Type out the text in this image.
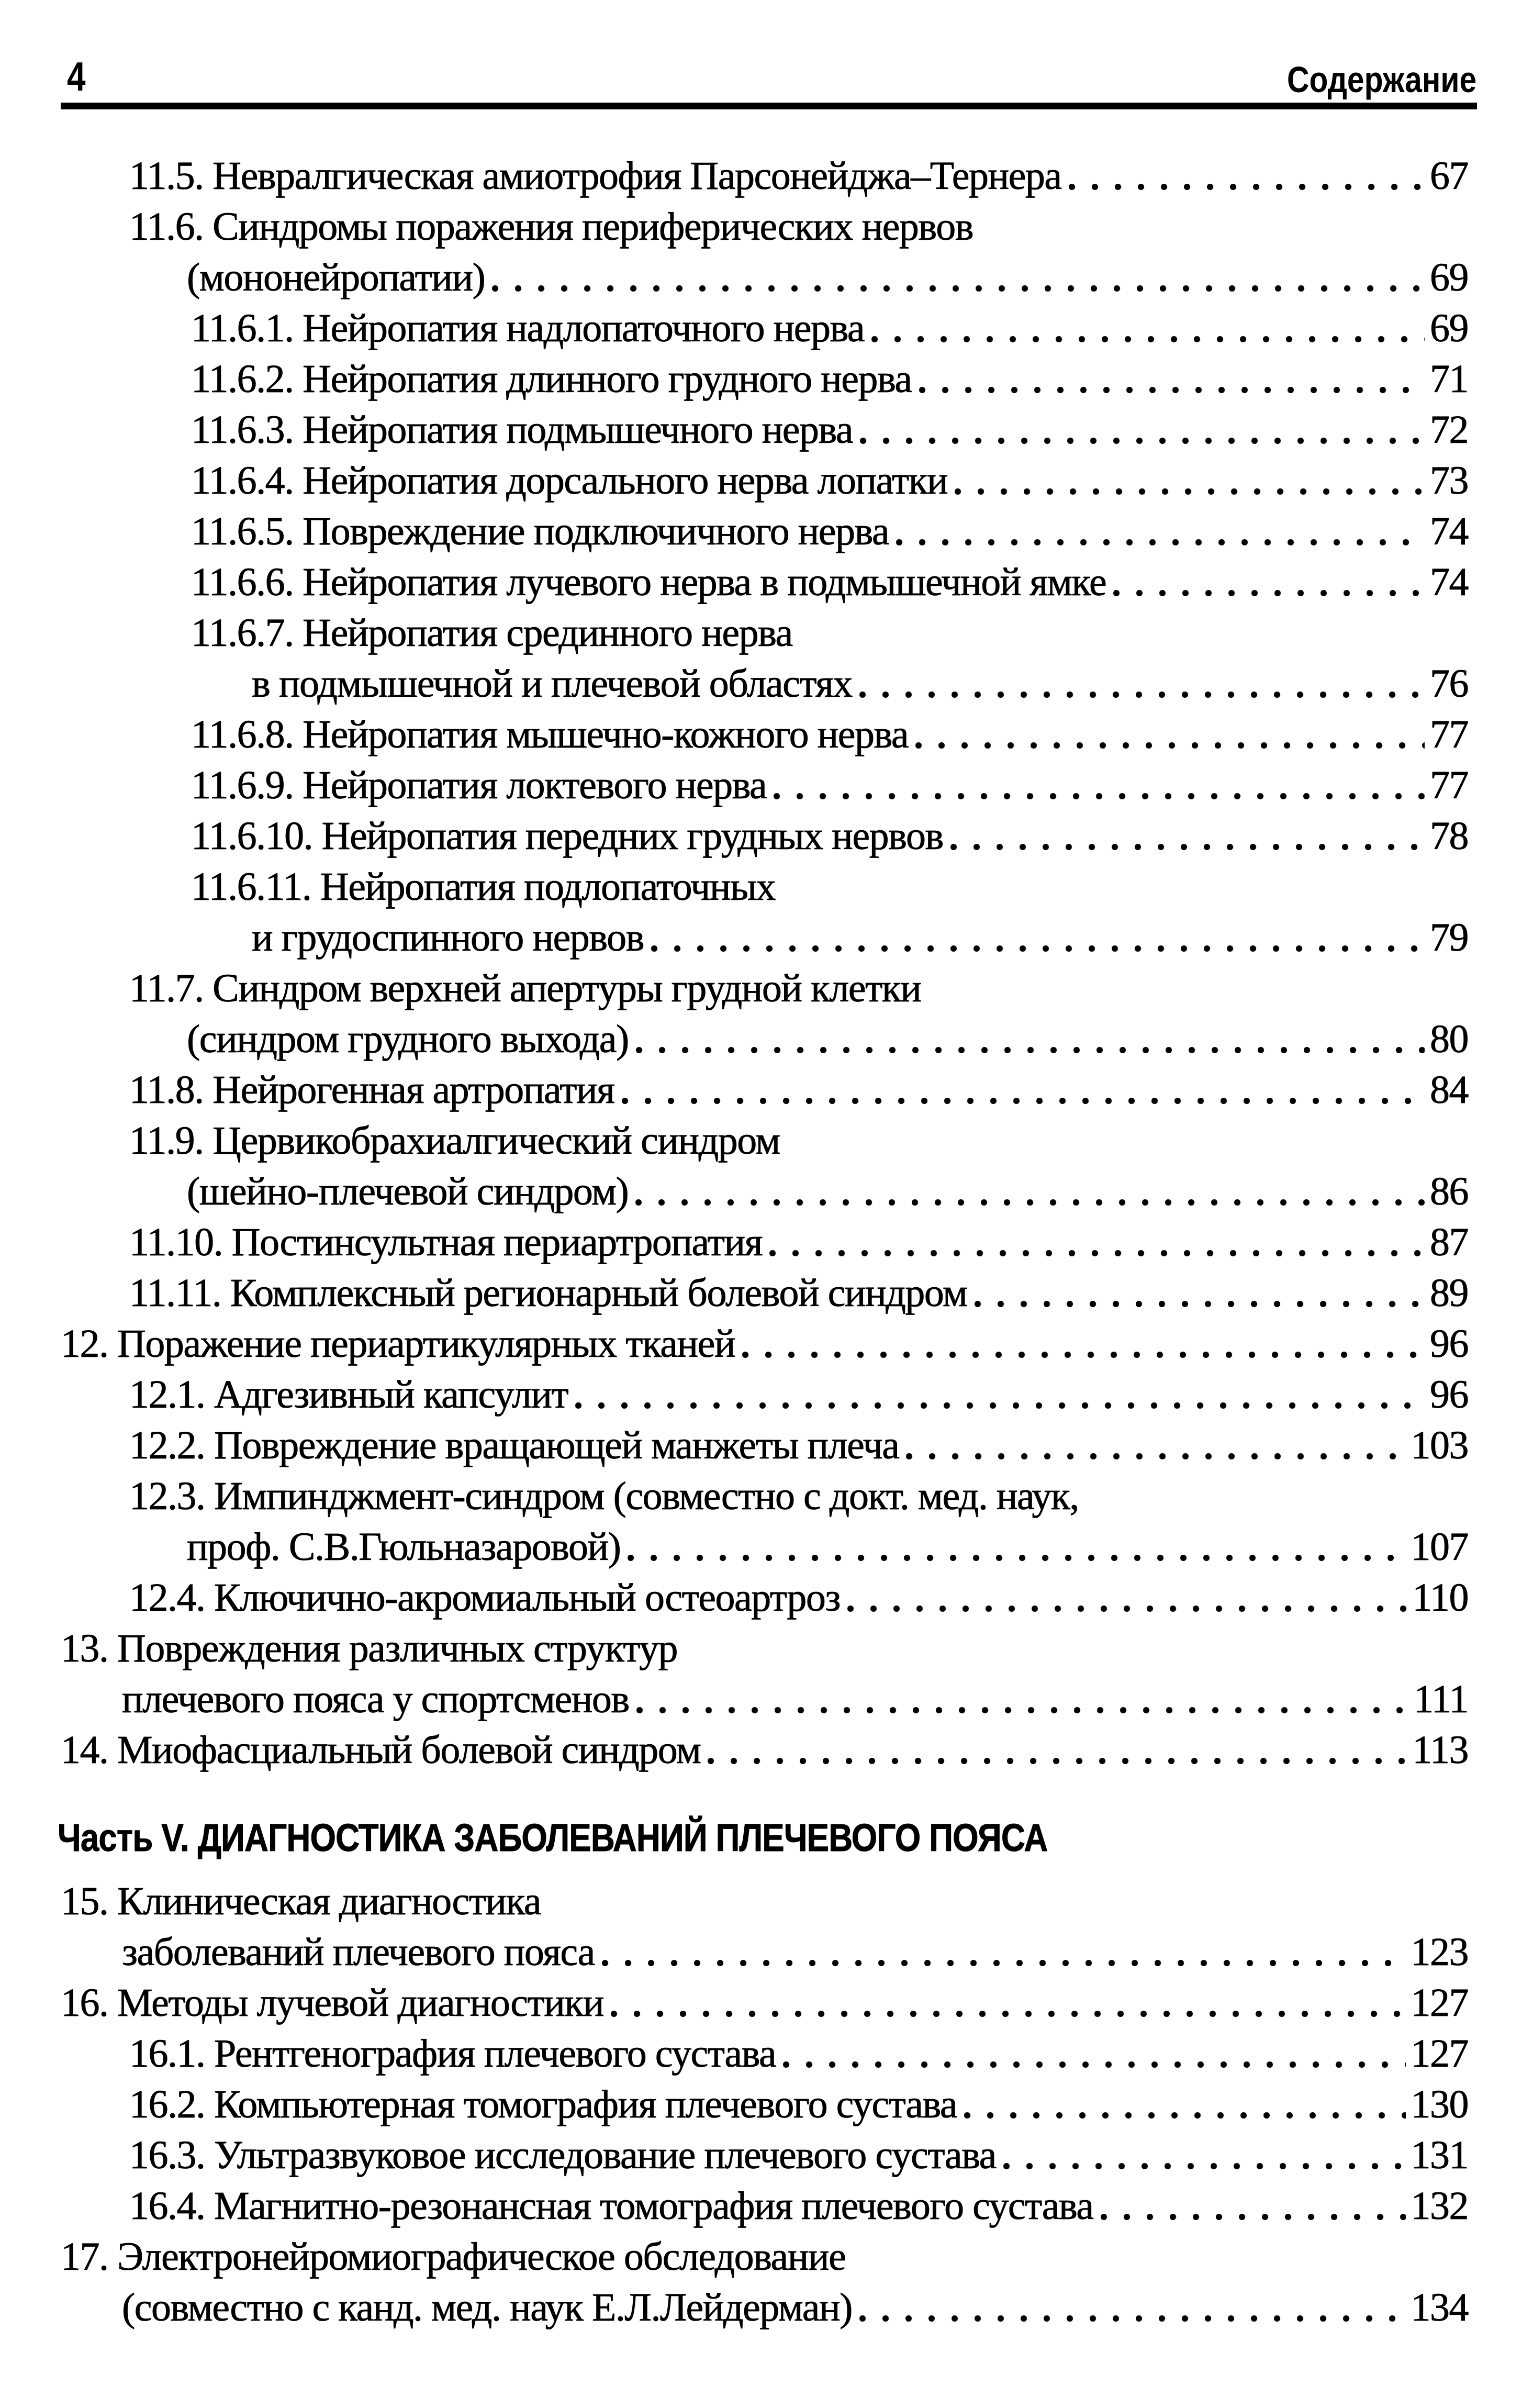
4	Содержание
11.5. Невралгическая амиотрофия Парсонейджа–Тернера	67
11.6. Синдромы поражения периферических нервов
(мононейропатии)	69
11.6.1. Нейропатия надлопаточного нерва	69
11.6.2. Нейропатия длинного грудного нерва	71
11.6.3. Нейропатия подмышечного нерва	72
11.6.4. Нейропатия дорсального нерва лопатки	73
11.6.5. Повреждение подключичного нерва	74
11.6.6. Нейропатия лучевого нерва в подмышечной ямке	74
11.6.7. Нейропатия срединного нерва
в подмышечной и плечевой областях	76
11.6.8. Нейропатия мышечно-кожного нерва	77
11.6.9. Нейропатия локтевого нерва	77
11.6.10. Нейропатия передних грудных нервов	78
11.6.11. Нейропатия подлопаточных
и грудоспинного нервов	79
11.7. Синдром верхней апертуры грудной клетки
(синдром грудного выхода)	80
11.8. Нейрогенная артропатия	84
11.9. Цервикобрахиалгический синдром
(шейно-плечевой синдром)	86
11.10. Постинсультная периартропатия	87
11.11. Комплексный регионарный болевой синдром	89
12. Поражение периартикулярных тканей	96
12.1. Адгезивный капсулит	96
12.2. Повреждение вращающей манжеты плеча	103
12.3. Импинджмент-синдром (совместно с докт. мед. наук,
проф. С.В.Гюльназаровой)	107
12.4. Ключично-акромиальный остеоартроз	110
13. Повреждения различных структур
плечевого пояса у спортсменов	111
14. Миофасциальный болевой синдром	113
Часть V. ДИАГНОСТИКА ЗАБОЛЕВАНИЙ ПЛЕЧЕВОГО ПОЯСА
15. Клиническая диагностика
заболеваний плечевого пояса	123
16. Методы лучевой диагностики	127
16.1. Рентгенография плечевого сустава	127
16.2. Компьютерная томография плечевого сустава	130
16.3. Ультразвуковое исследование плечевого сустава	131
16.4. Магнитно-резонансная томография плечевого сустава	132
17. Электронейромиографическое обследование
(совместно с канд. мед. наук Е.Л.Лейдерман)	134
